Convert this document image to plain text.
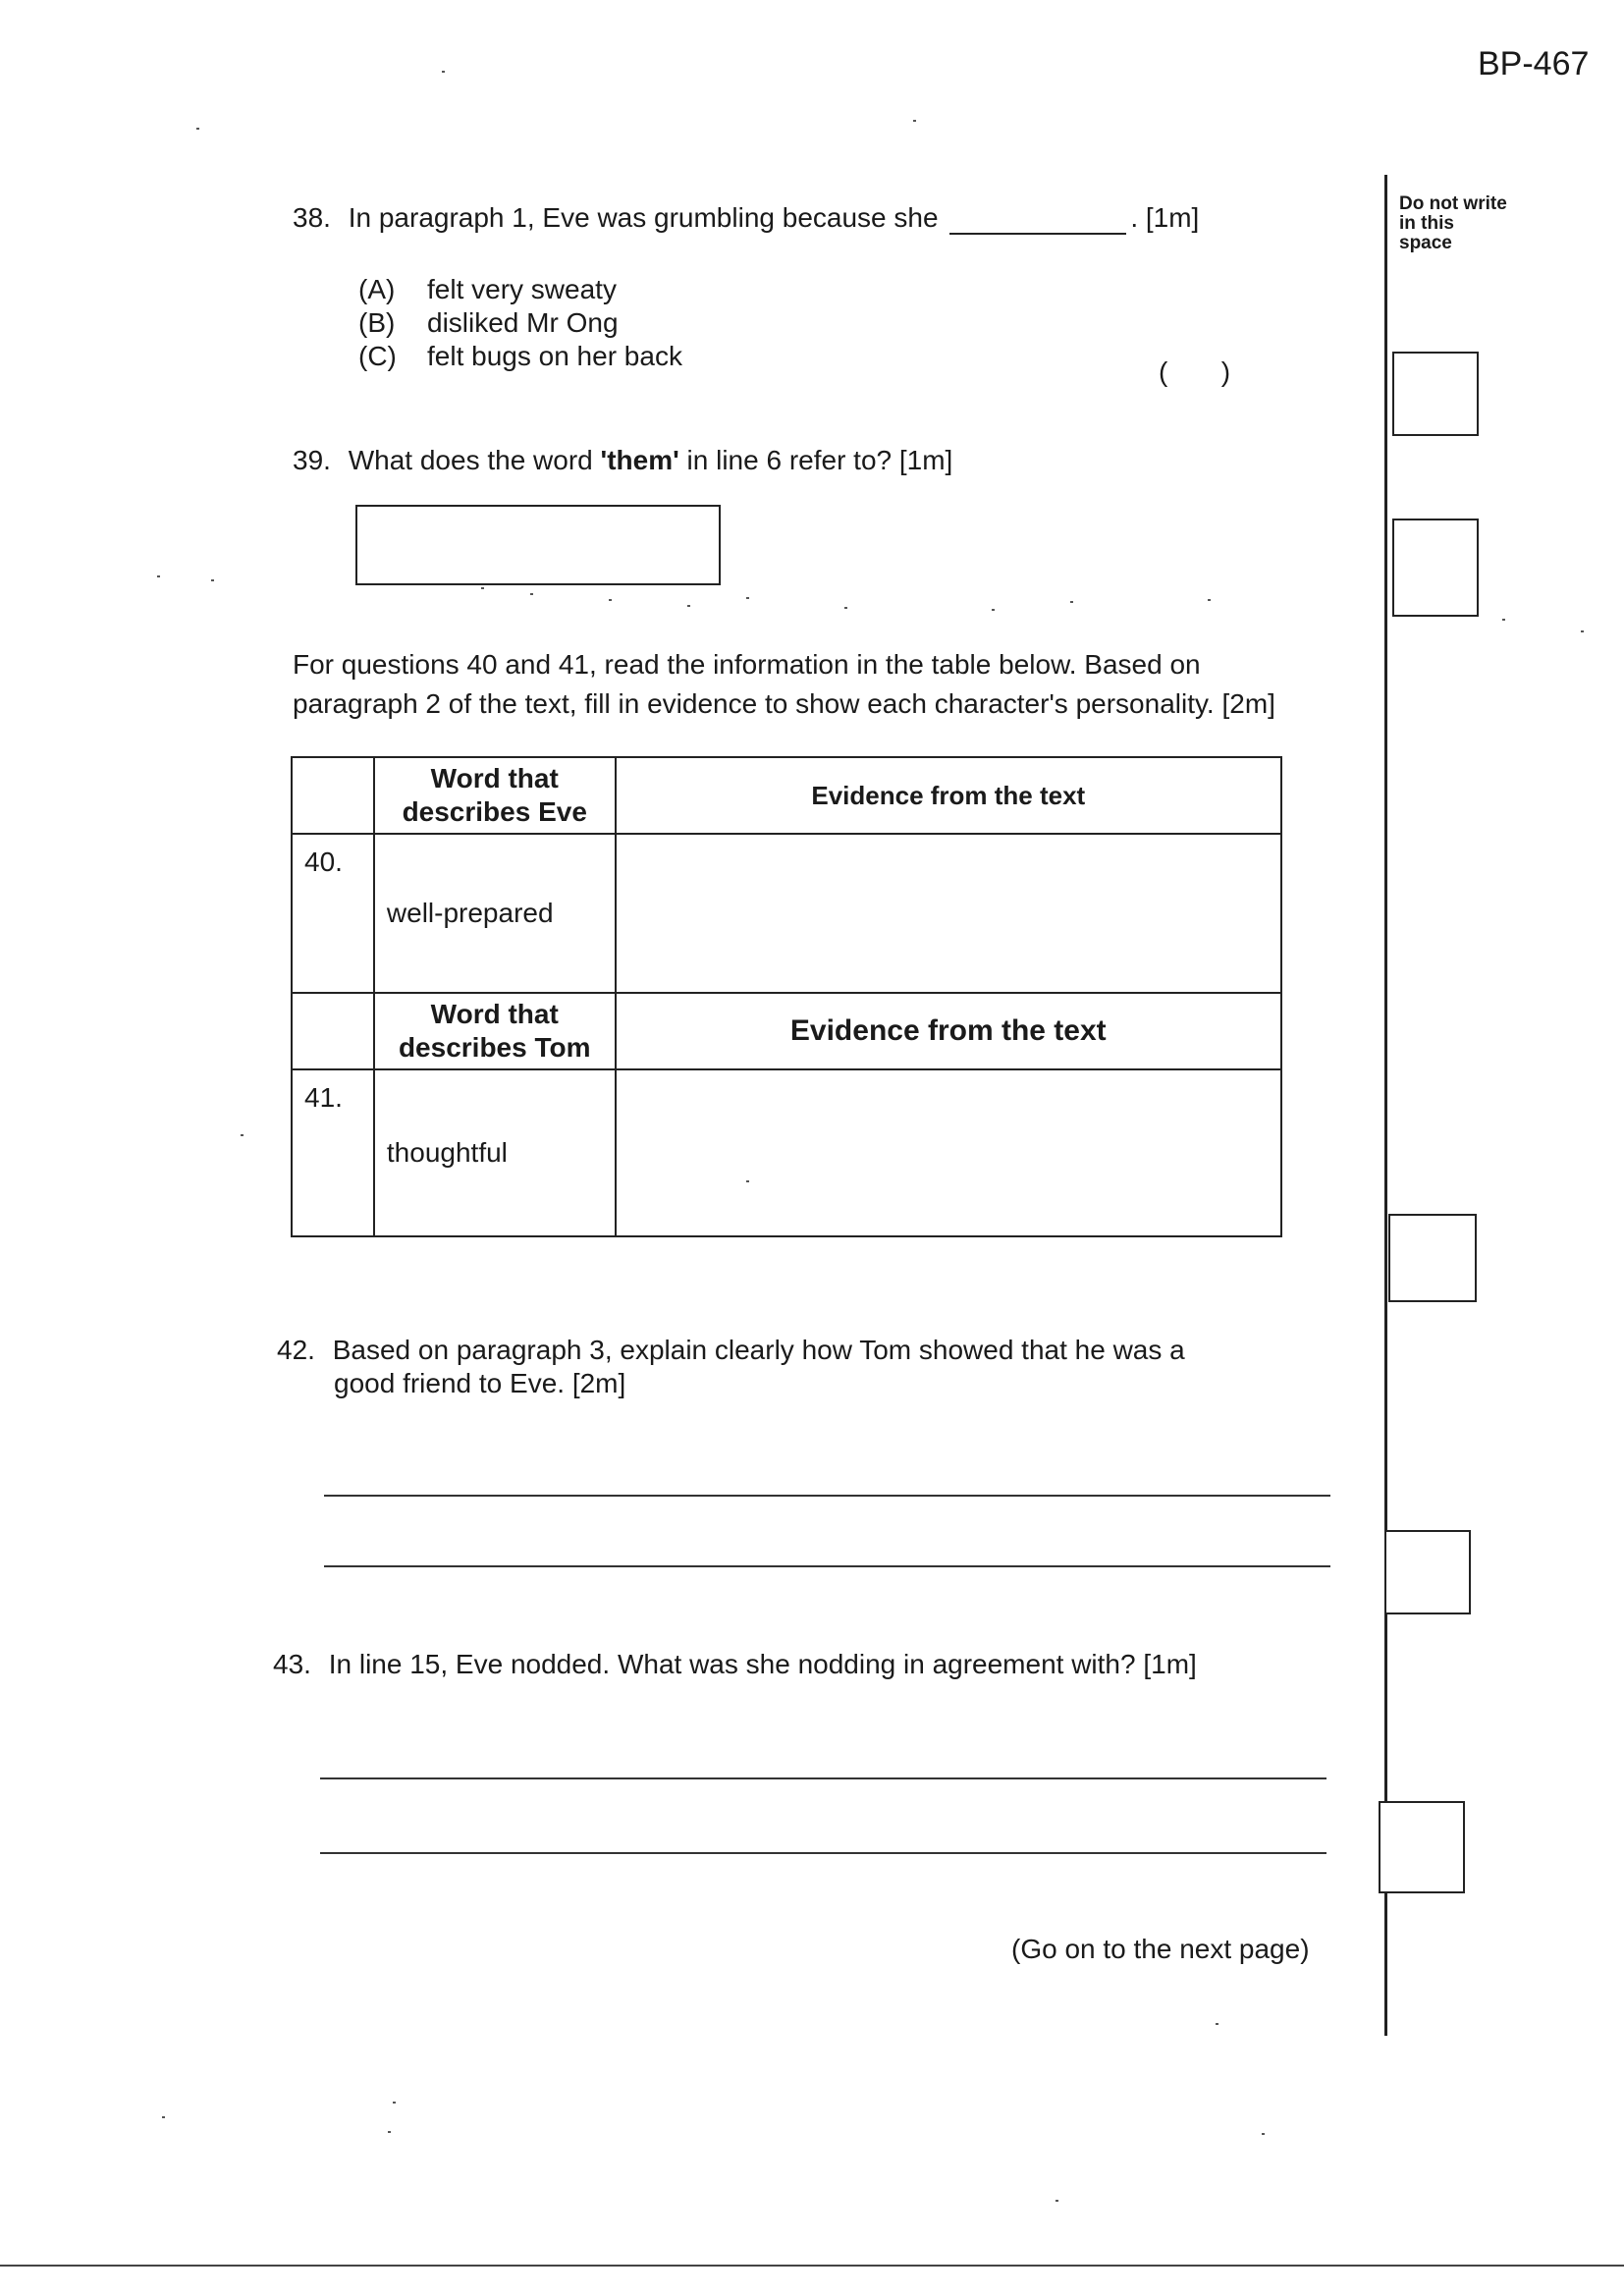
BP-467
Do not write in this space
38. In paragraph 1, Eve was grumbling because she	. [1m]
(A) felt very sweaty
(B) disliked Mr Ong
(C) felt bugs on her back
(       )
39. What does the word 'them' in line 6 refer to? [1m]
For questions 40 and 41, read the information in the table below. Based on
paragraph 2 of the text, fill in evidence to show each character's personality. [2m]

	Word that
describes Eve	Evidence from the text
40.	well-prepared	

	Word that
describes Tom	Evidence from the text
41.	thoughtful	
42. Based on paragraph 3, explain clearly how Tom showed that he was a
good friend to Eve. [2m]
43. In line 15, Eve nodded. What was she nodding in agreement with? [1m]
(Go on to the next page)
